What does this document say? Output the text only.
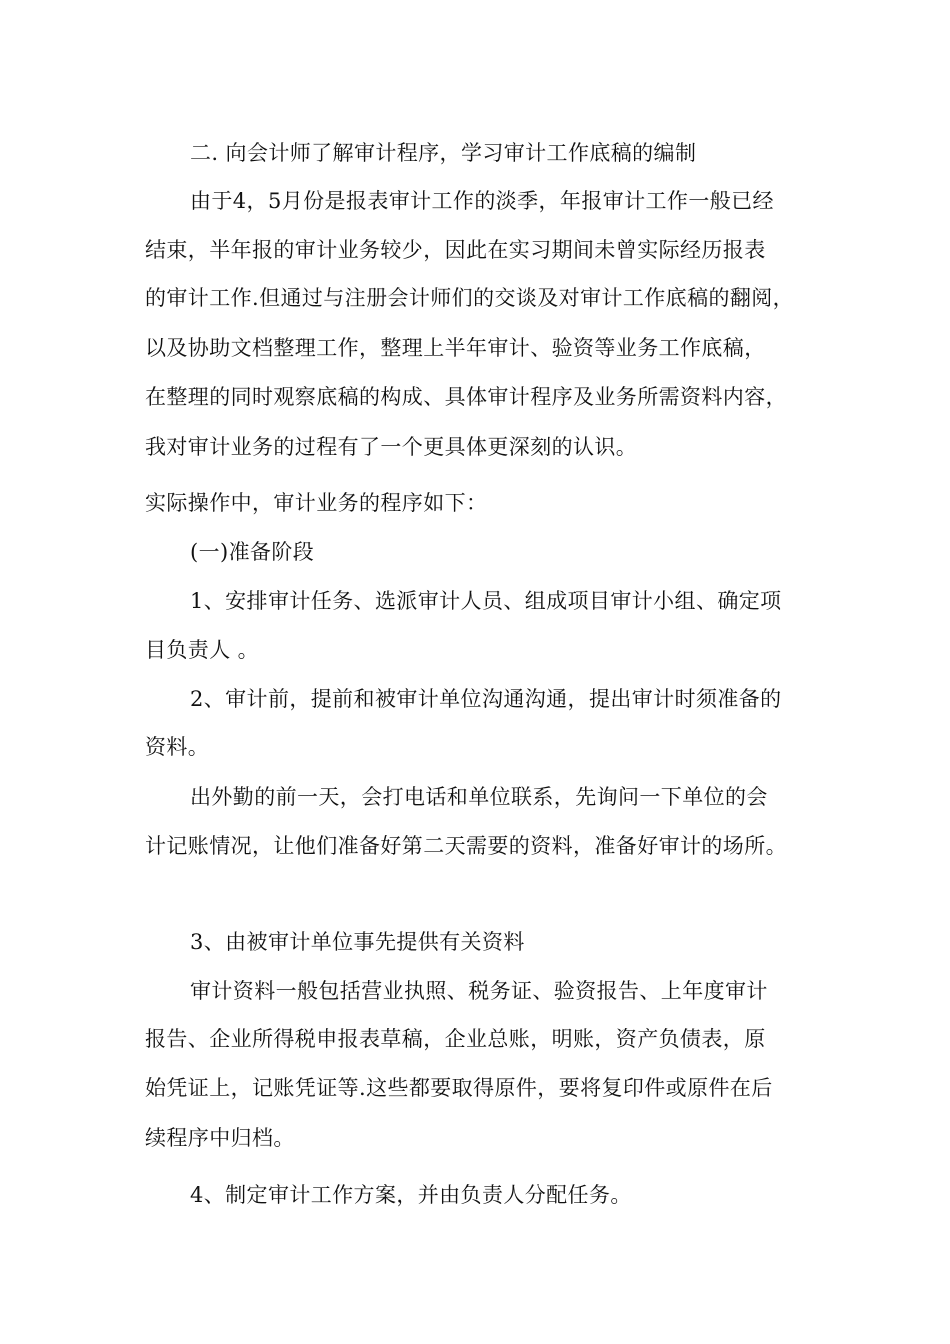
二. 向会计师了解审计程序，学习审计工作底稿的编制
由于4，5月份是报表审计工作的淡季，年报审计工作一般已经
结束，半年报的审计业务较少，因此在实习期间未曾实际经历报表
的审计工作.但通过与注册会计师们的交谈及对审计工作底稿的翻阅，
以及协助文档整理工作，整理上半年审计、验资等业务工作底稿，
在整理的同时观察底稿的构成、具体审计程序及业务所需资料内容，
我对审计业务的过程有了一个更具体更深刻的认识。
实际操作中，审计业务的程序如下：
(一)准备阶段
1、安排审计任务、选派审计人员、组成项目审计小组、确定项
目负责人 。
2、审计前，提前和被审计单位沟通沟通，提出审计时须准备的
资料。
出外勤的前一天，会打电话和单位联系，先询问一下单位的会
计记账情况，让他们准备好第二天需要的资料，准备好审计的场所。
3、由被审计单位事先提供有关资料
审计资料一般包括营业执照、税务证、验资报告、上年度审计
报告、企业所得税申报表草稿，企业总账，明账，资产负债表，原
始凭证上，记账凭证等.这些都要取得原件，要将复印件或原件在后
续程序中归档。
4、制定审计工作方案，并由负责人分配任务。
